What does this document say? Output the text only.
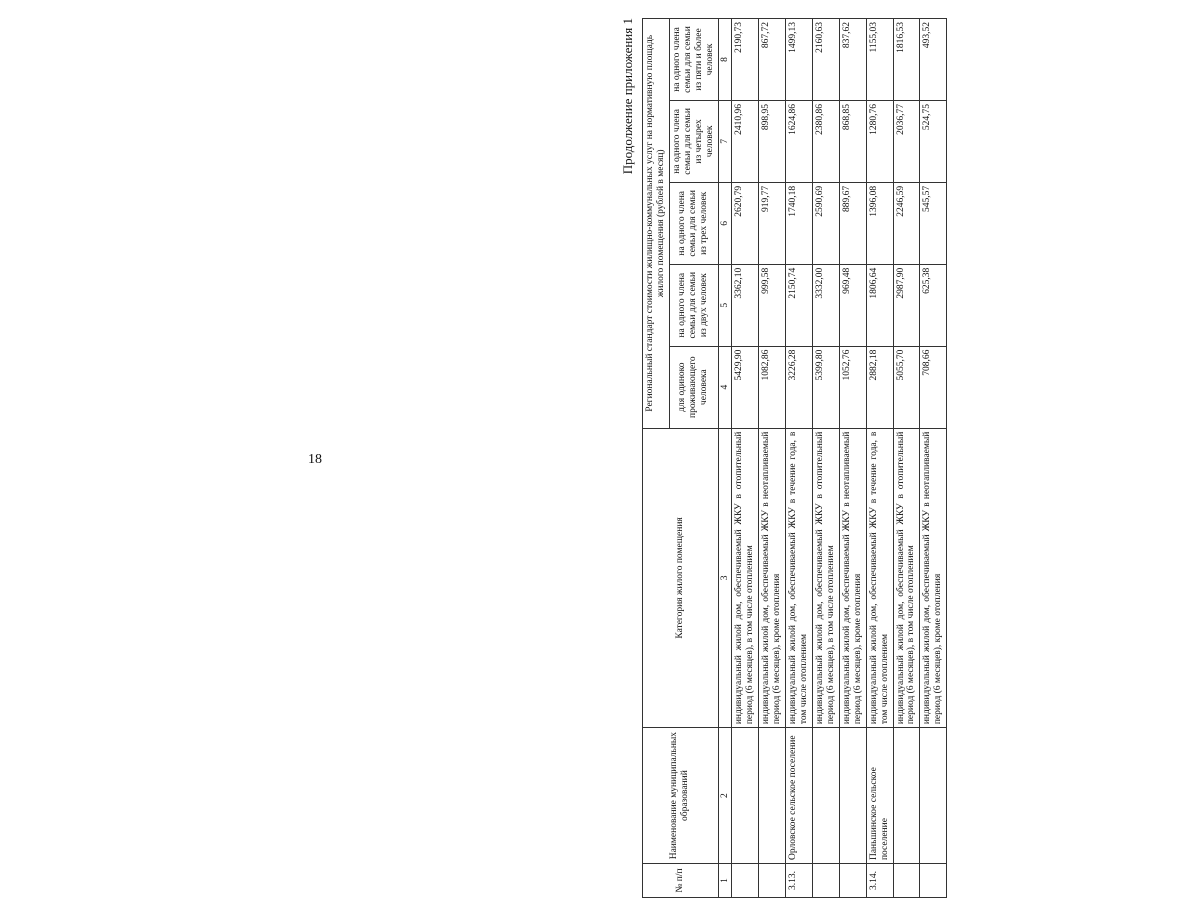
18
Продолжение приложения 1
№ п/п	Наименование муниципальных образований	Категория жилого помещения	Региональный стандарт стоимости жилищно-коммунальных услуг на нормативную площадь жилого помещения (рублей в месяц)				
			для одиноко проживающего человека	на одного члена семьи для семьи из двух человек	на одного члена семьи для семьи из трех человек	на одного члена семьи для семьи из четырех человек	на одного члена семьи для семьи из пяти и более человек
1	2	3	4	5	6	7	8
		индивидуальный жилой дом, обеспечиваемый ЖКУ в отопительный период (6 месяцев), в том числе отоплением	5429,90	3362,10	2620,79	2410,96	2190,73
		индивидуальный жилой дом, обеспечиваемый ЖКУ в неотапливаемый период (6 месяцев), кроме отопления	1082,86	999,58	919,77	898,95	867,72
3.13.	Орловское сельское поселение	индивидуальный жилой дом, обеспечиваемый ЖКУ в течение года, в том числе отоплением	3226,28	2150,74	1740,18	1624,86	1499,13
		индивидуальный жилой дом, обеспечиваемый ЖКУ в отопительный период (6 месяцев), в том числе отоплением	5399,80	3332,00	2590,69	2380,86	2160,63
		индивидуальный жилой дом, обеспечиваемый ЖКУ в неотапливаемый период (6 месяцев), кроме отопления	1052,76	969,48	889,67	868,85	837,62
3.14.	Паньшинское сельское поселение	индивидуальный жилой дом, обеспечиваемый ЖКУ в течение года, в том числе отоплением	2882,18	1806,64	1396,08	1280,76	1155,03
		индивидуальный жилой дом, обеспечиваемый ЖКУ в отопительный период (6 месяцев), в том числе отоплением	5055,70	2987,90	2246,59	2036,77	1816,53
		индивидуальный жилой дом, обеспечиваемый ЖКУ в неотапливаемый период (6 месяцев), кроме отопления	708,66	625,38	545,57	524,75	493,52
